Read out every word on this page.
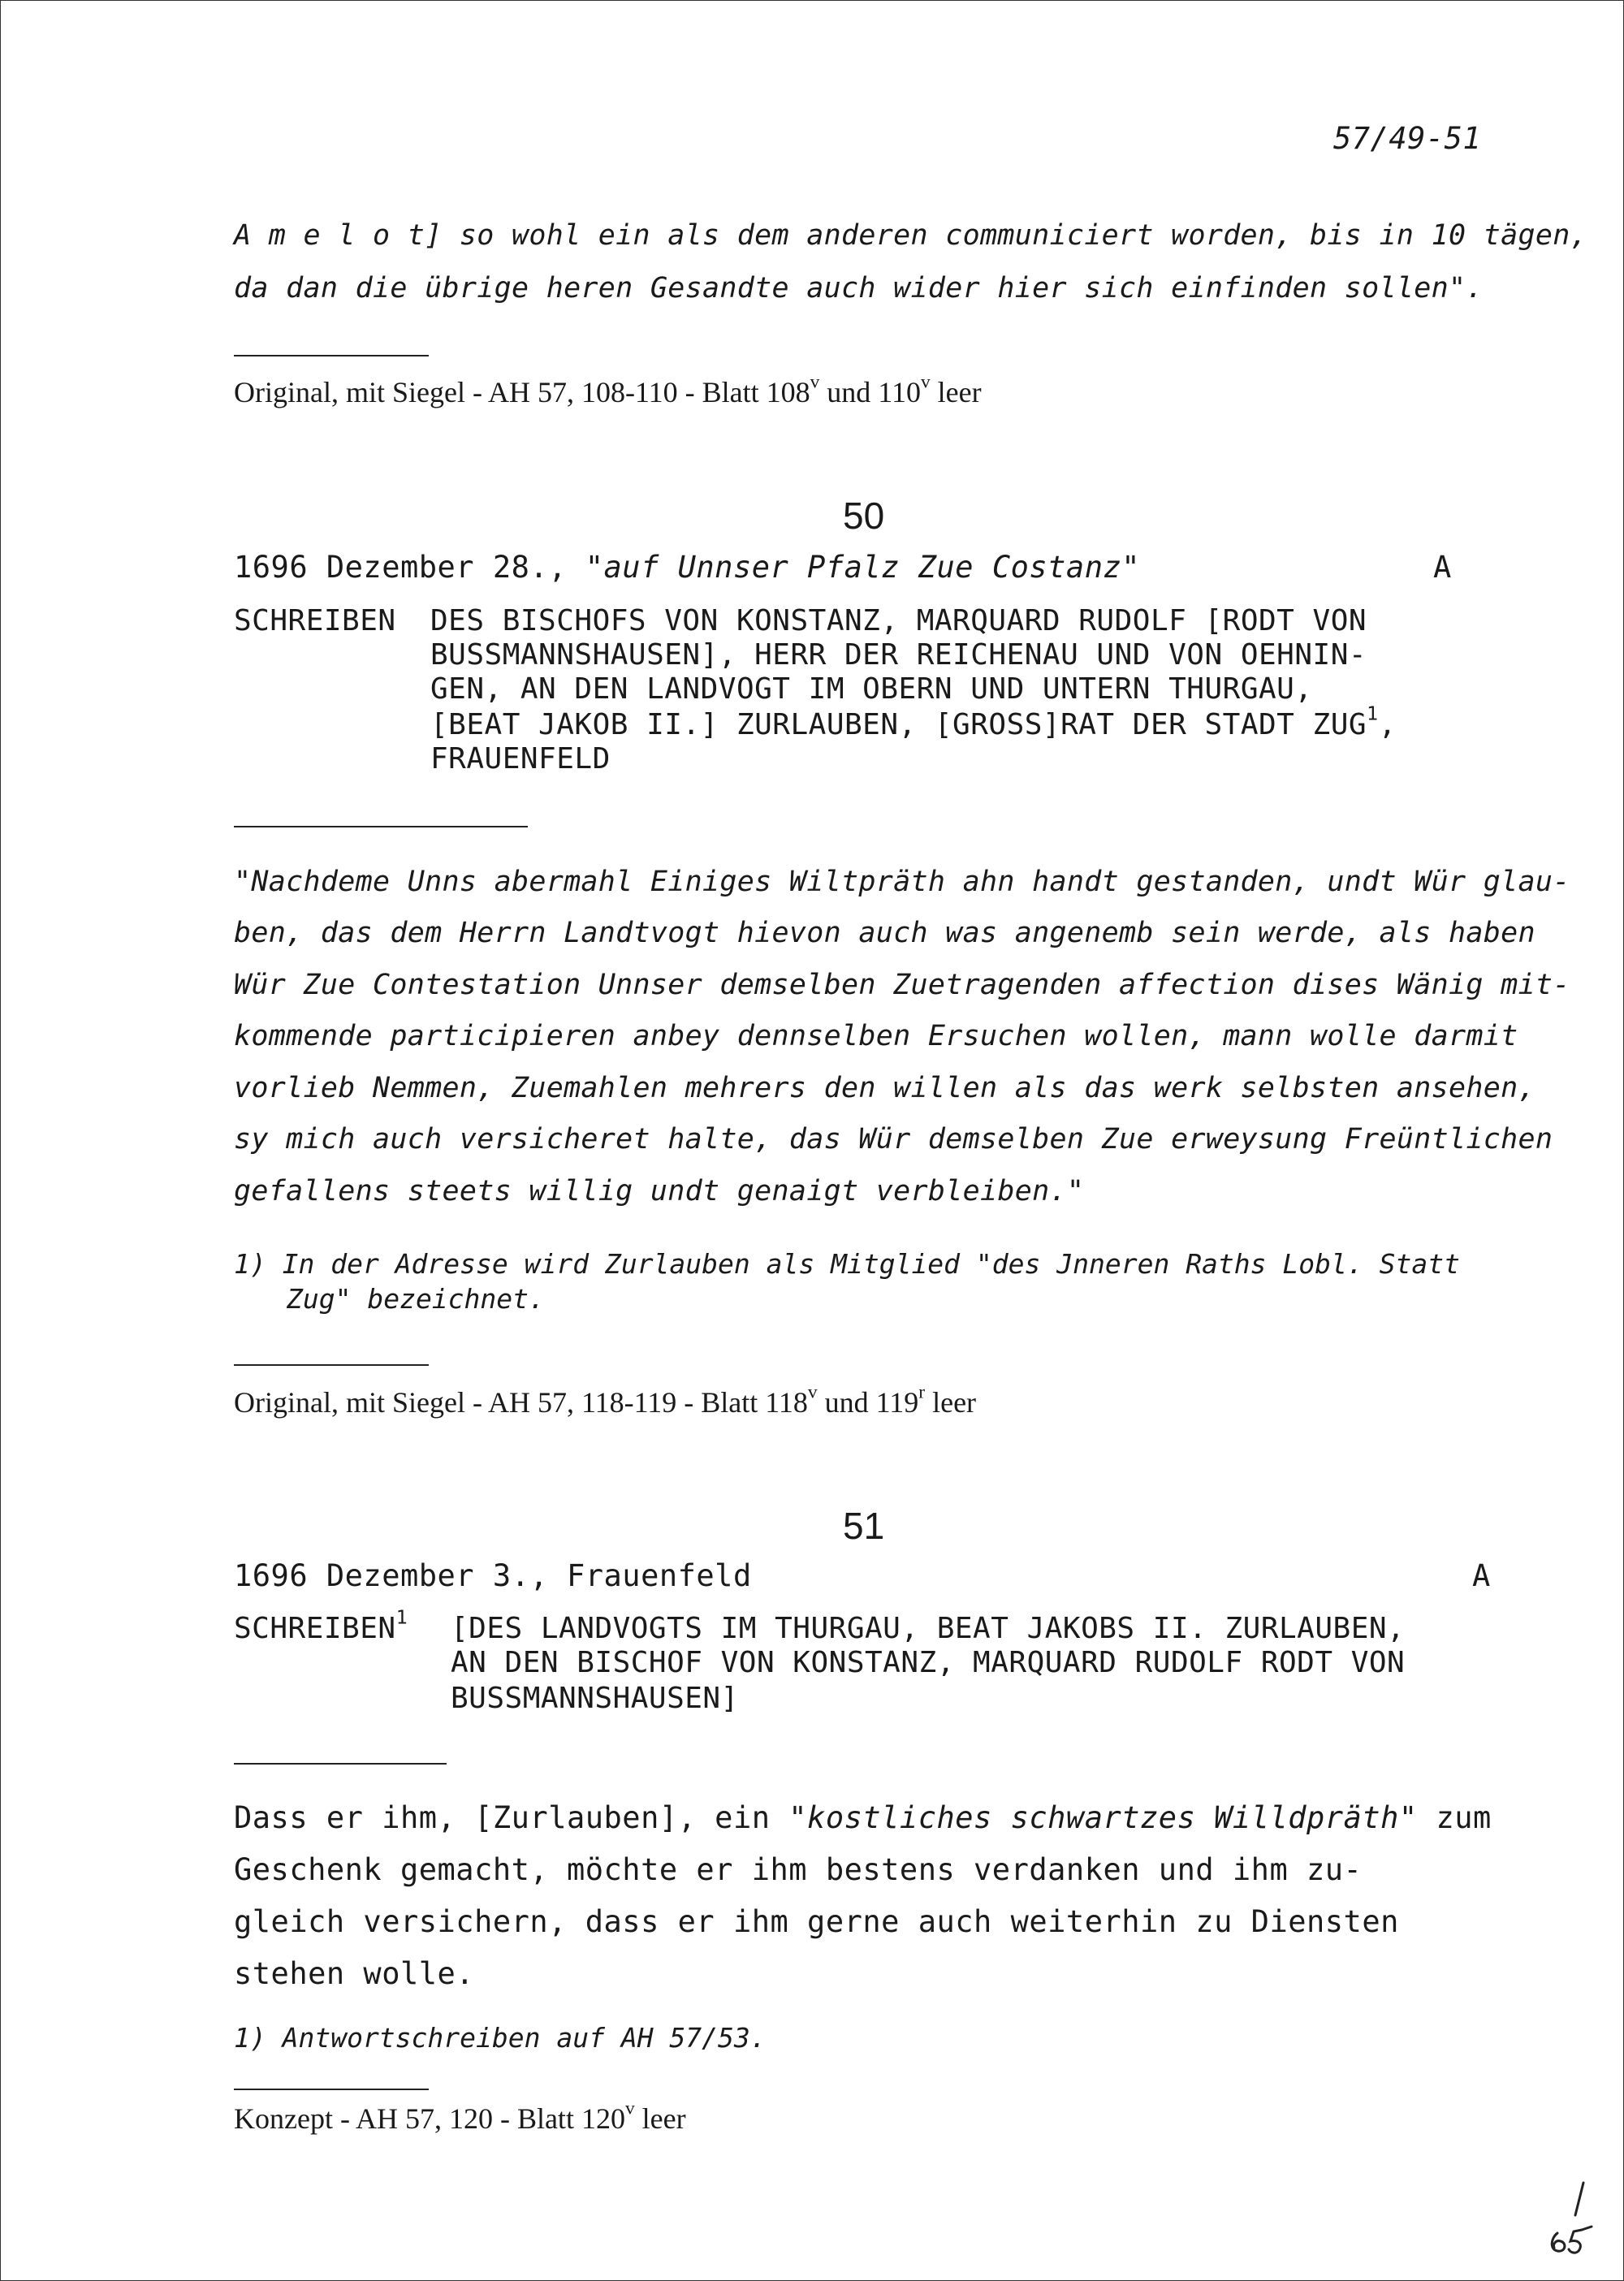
57/49-51
A m e l o t] so wohl ein als dem anderen communiciert worden, bis in 10 tägen,
da dan die übrige heren Gesandte auch wider hier sich einfinden sollen".
Original, mit Siegel - AH 57, 108-110 - Blatt 108$^v$ und 110$^v$ leer
50
1696 Dezember 28., "auf Unnser Pfalz Zue Costanz"	A
SCHREIBEN DES BISCHOFS VON KONSTANZ, MARQUARD RUDOLF [RODT VON
BUSSMANNSHAUSEN], HERR DER REICHENAU UND VON OEHNIN-
GEN, AN DEN LANDVOGT IM OBERN UND UNTERN THURGAU,
[BEAT JAKOB II.] ZURLAUBEN, [GROSS]RAT DER STADT ZUG$^1$,
FRAUENFELD
"Nachdeme Unns abermahl Einiges Wiltpräth ahn handt gestanden, undt Wür glau-
ben, das dem Herrn Landtvogt hievon auch was angenemb sein werde, als haben
Wür Zue Contestation Unnser demselben Zuetragenden affection dises Wänig mit-
kommende participieren anbey dennselben Ersuchen wollen, mann wolle darmit
vorlieb Nemmen, Zuemahlen mehrers den willen als das werk selbsten ansehen,
sy mich auch versicheret halte, das Wür demselben Zue erweysung Freüntlichen
gefallens steets willig undt genaigt verbleiben."
1) In der Adresse wird Zurlauben als Mitglied "des Jnneren Raths Lobl. Statt
Zug" bezeichnet.
Original, mit Siegel - AH 57, 118-119 - Blatt 118$^v$ und 119$^r$ leer
51
1696 Dezember 3., Frauenfeld	A
SCHREIBEN$^1$ [DES LANDVOGTS IM THURGAU, BEAT JAKOBS II. ZURLAUBEN,
AN DEN BISCHOF VON KONSTANZ, MARQUARD RUDOLF RODT VON
BUSSMANNSHAUSEN]
Dass er ihm, [Zurlauben], ein "kostliches schwartzes Willdpräth" zum
Geschenk gemacht, möchte er ihm bestens verdanken und ihm zu-
gleich versichern, dass er ihm gerne auch weiterhin zu Diensten
stehen wolle.
1) Antwortschreiben auf AH 57/53.
Konzept - AH 57, 120 - Blatt 120$^v$ leer
